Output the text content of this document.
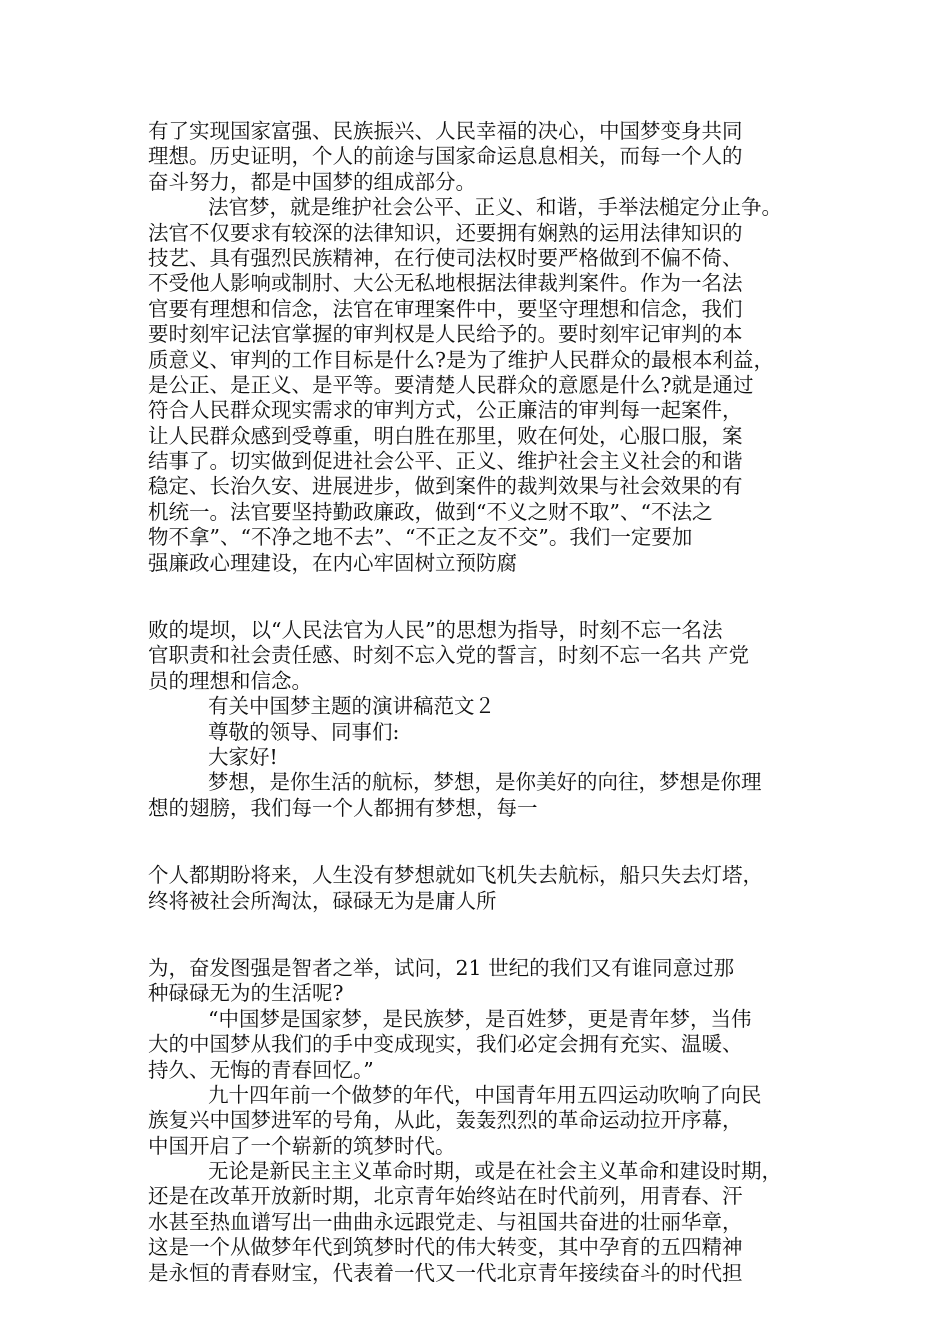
有了实现国家富强、民族振兴、人民幸福的决心，中国梦变身共同
理想。历史证明，个人的前途与国家命运息息相关，而每一个人的
奋斗努力，都是中国梦的组成部分。
法官梦，就是维护社会公平、正义、和谐，手举法槌定分止争。
法官不仅要求有较深的法律知识，还要拥有娴熟的运用法律知识的
技艺、具有强烈民族精神，在行使司法权时要严格做到不偏不倚、
不受他人影响或制肘、大公无私地根据法律裁判案件。作为一名法
官要有理想和信念，法官在审理案件中，要坚守理想和信念，我们
要时刻牢记法官掌握的审判权是人民给予的。要时刻牢记审判的本
质意义、审判的工作目标是什么?是为了维护人民群众的最根本利益，
是公正、是正义、是平等。要清楚人民群众的意愿是什么?就是通过
符合人民群众现实需求的审判方式，公正廉洁的审判每一起案件，
让人民群众感到受尊重，明白胜在那里，败在何处，心服口服，案
结事了。切实做到促进社会公平、正义、维护社会主义社会的和谐
稳定、长治久安、进展进步，做到案件的裁判效果与社会效果的有
机统一。法官要坚持勤政廉政，做到“不义之财不取”、“不法之
物不拿”、“不净之地不去”、“不正之友不交”。我们一定要加
强廉政心理建设，在内心牢固树立预防腐
败的堤坝，以“人民法官为人民”的思想为指导，时刻不忘一名法
官职责和社会责任感、时刻不忘入党的誓言，时刻不忘一名共 产党
员的理想和信念。
有关中国梦主题的演讲稿范文２
尊敬的领导、同事们:
大家好!
梦想，是你生活的航标，梦想，是你美好的向往，梦想是你理
想的翅膀，我们每一个人都拥有梦想，每一
个人都期盼将来，人生没有梦想就如飞机失去航标，船只失去灯塔，
终将被社会所淘汰，碌碌无为是庸人所
为，奋发图强是智者之举，试问，21 世纪的我们又有谁同意过那
种碌碌无为的生活呢?
“中国梦是国家梦，是民族梦，是百姓梦，更是青年梦，当伟
大的中国梦从我们的手中变成现实，我们必定会拥有充实、温暖、
持久、无悔的青春回忆。”
九十四年前一个做梦的年代，中国青年用五四运动吹响了向民
族复兴中国梦进军的号角，从此，轰轰烈烈的革命运动拉开序幕，
中国开启了一个崭新的筑梦时代。
无论是新民主主义革命时期，或是在社会主义革命和建设时期，
还是在改革开放新时期，北京青年始终站在时代前列，用青春、汗
水甚至热血谱写出一曲曲永远跟党走、与祖国共奋进的壮丽华章，
这是一个从做梦年代到筑梦时代的伟大转变，其中孕育的五四精神
是永恒的青春财宝，代表着一代又一代北京青年接续奋斗的时代担
